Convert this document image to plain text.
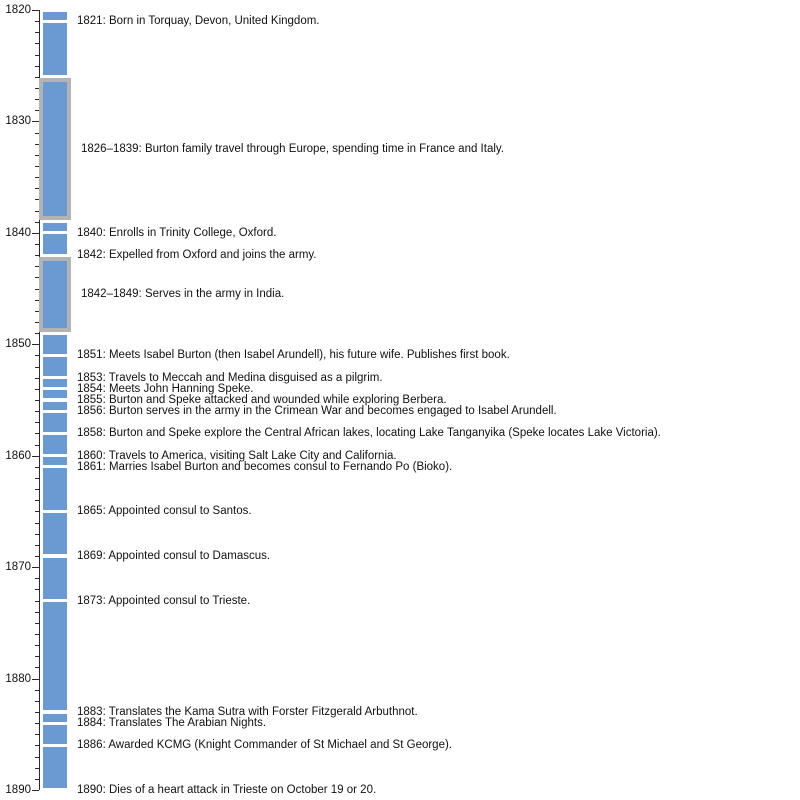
1820
1830
1840
1850
1860
1870
1880
1890
1821: Born in Torquay, Devon, United Kingdom.
1826–1839: Burton family travel through Europe, spending time in France and Italy.
1840: Enrolls in Trinity College, Oxford.
1842: Expelled from Oxford and joins the army.
1842–1849: Serves in the army in India.
1851: Meets Isabel Burton (then Isabel Arundell), his future wife. Publishes first book.
1853: Travels to Meccah and Medina disguised as a pilgrim.
1854: Meets John Hanning Speke.
1855: Burton and Speke attacked and wounded while exploring Berbera.
1856: Burton serves in the army in the Crimean War and becomes engaged to Isabel Arundell.
1858: Burton and Speke explore the Central African lakes, locating Lake Tanganyika (Speke locates Lake Victoria).
1860: Travels to America, visiting Salt Lake City and California.
1861: Marries Isabel Burton and becomes consul to Fernando Po (Bioko).
1865: Appointed consul to Santos.
1869: Appointed consul to Damascus.
1873: Appointed consul to Trieste.
1883: Translates the Kama Sutra with Forster Fitzgerald Arbuthnot.
1884: Translates The Arabian Nights.
1886: Awarded KCMG (Knight Commander of St Michael and St George).
1890: Dies of a heart attack in Trieste on October 19 or 20.
